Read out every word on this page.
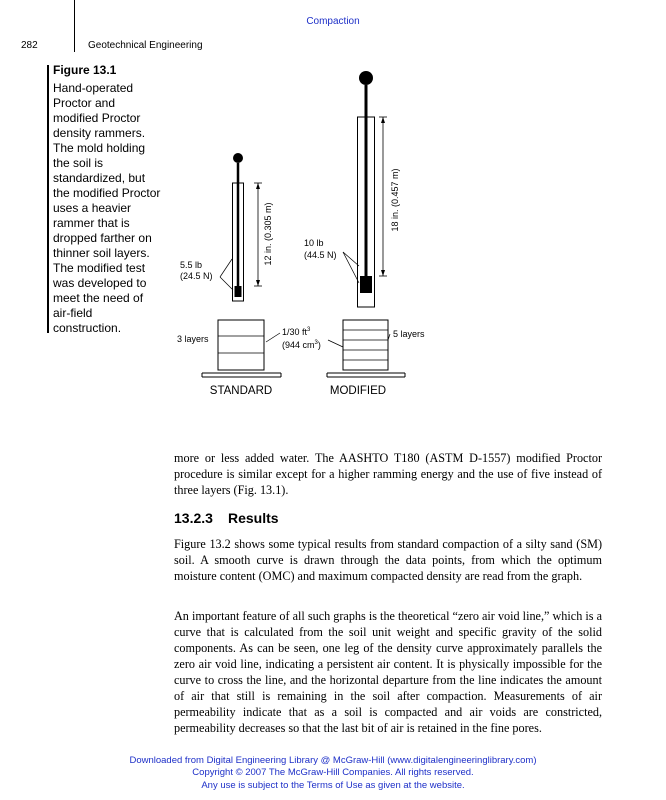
Compaction
282	Geotechnical Engineering
Figure 13.1
Hand-operated Proctor and modified Proctor density rammers. The mold holding the soil is standardized, but the modified Proctor uses a heavier rammer that is dropped farther on thinner soil layers. The modified test was developed to meet the need of air-field construction.
12 in. (0.305 m)
5.5 lb
(24.5 N)
3 layers
STANDARD
18 in. (0.457 m)
10 lb
(44.5 N)
5 layers
MODIFIED
1/30 $ft^3$
(944 $cm^3$)
more or less added water. The AASHTO T180 (ASTM D-1557) modified Proctor procedure is similar except for a higher ramming energy and the use of five instead of three layers (Fig. 13.1).
13.2.3 Results
Figure 13.2 shows some typical results from standard compaction of a silty sand (SM) soil. A smooth curve is drawn through the data points, from which the optimum moisture content (OMC) and maximum compacted density are read from the graph.
An important feature of all such graphs is the theoretical “zero air void line,” which is a curve that is calculated from the soil unit weight and specific gravity of the solid components. As can be seen, one leg of the density curve approximately parallels the zero air void line, indicating a persistent air content. It is physically impossible for the curve to cross the line, and the horizontal departure from the line indicates the amount of air that still is remaining in the soil after compaction. Measurements of air permeability indicate that as a soil is compacted and air voids are constricted, permeability decreases so that the last bit of air is retained in the fine pores.
Downloaded from Digital Engineering Library @ McGraw-Hill (www.digitalengineeringlibrary.com)
Copyright © 2007 The McGraw-Hill Companies. All rights reserved.
Any use is subject to the Terms of Use as given at the website.
